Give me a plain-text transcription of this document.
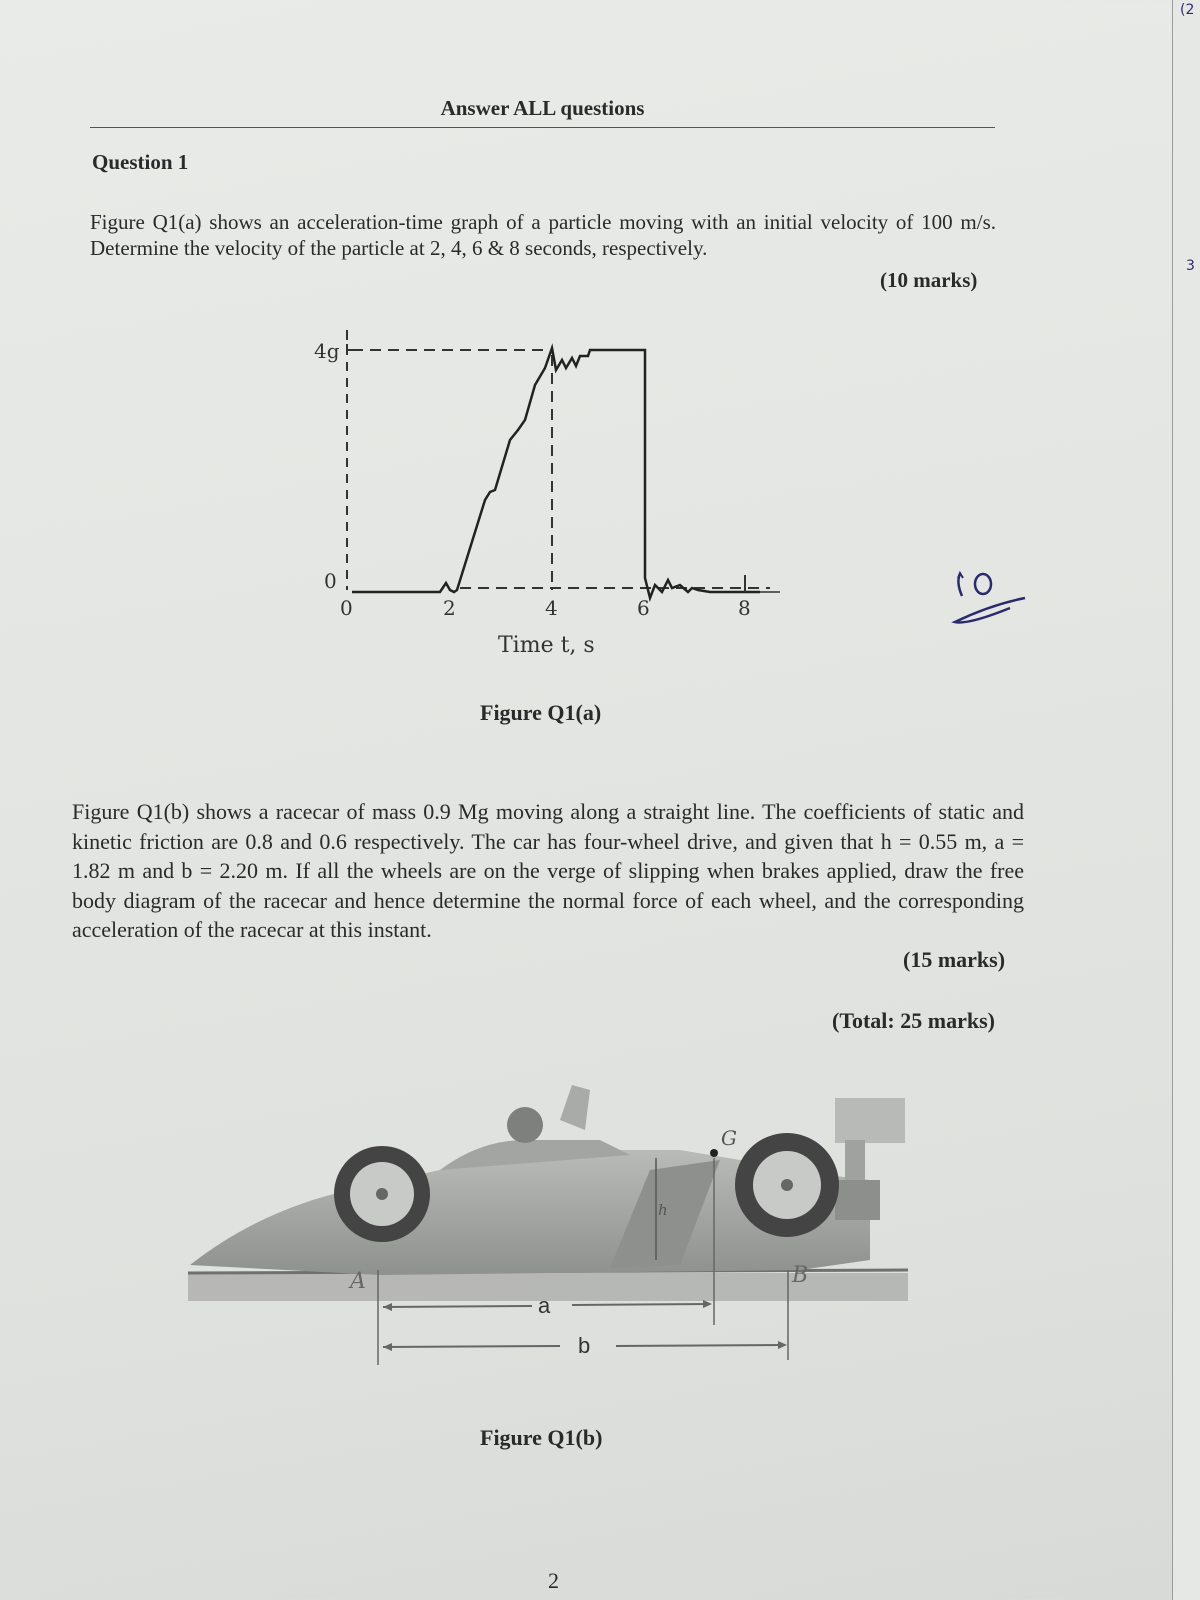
Answer ALL questions
Question 1
Figure Q1(a) shows an acceleration-time graph of a particle moving with an initial velocity of 100 m/s. Determine the velocity of the particle at 2, 4, 6 & 8 seconds, respectively.
(10 marks)
4g
0
0	2	4	6	8
Time t, s
Figure Q1(a)
10
Figure Q1(b) shows a racecar of mass 0.9 Mg moving along a straight line. The coefficients of static and kinetic friction are 0.8 and 0.6 respectively. The car has four-wheel drive, and given that h = 0.55 m, a = 1.82 m and b = 2.20 m. If all the wheels are on the verge of slipping when brakes applied, draw the free body diagram of the racecar and hence determine the normal force of each wheel, and the corresponding acceleration of the racecar at this instant.
(15 marks)
(Total: 25 marks)
G
h
A	B
a
b
Figure Q1(b)
2
(2
3
